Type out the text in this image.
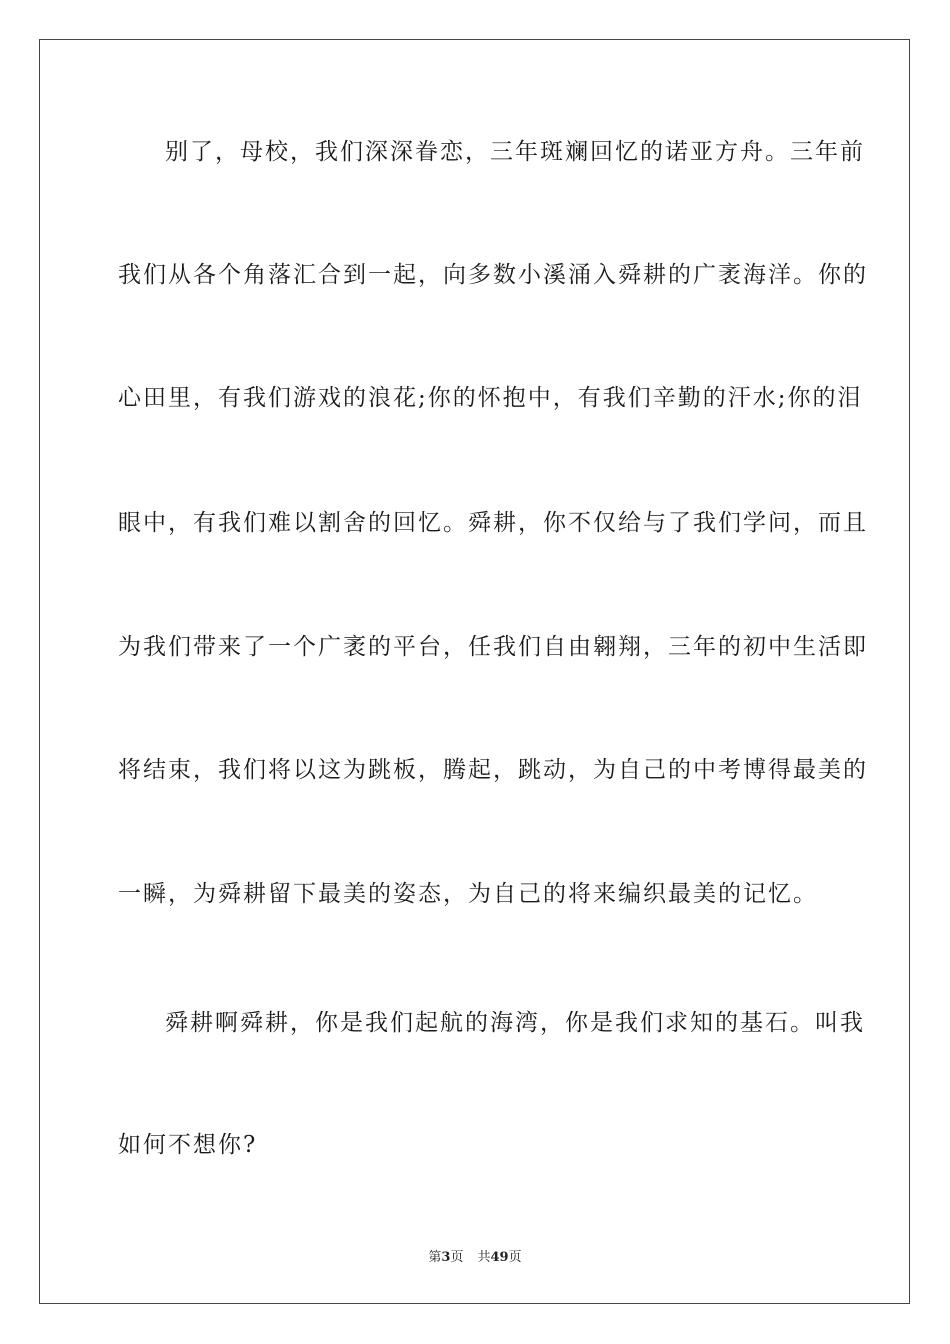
别了，母校，我们深深眷恋，三年斑斓回忆的诺亚方舟。三年前
我们从各个角落汇合到一起，向多数小溪涌入舜耕的广袤海洋。你的
心田里，有我们游戏的浪花;你的怀抱中，有我们辛勤的汗水;你的泪
眼中，有我们难以割舍的回忆。舜耕，你不仅给与了我们学问，而且
为我们带来了一个广袤的平台，任我们自由翱翔，三年的初中生活即
将结束，我们将以这为跳板，腾起，跳动，为自己的中考博得最美的
一瞬，为舜耕留下最美的姿态，为自己的将来编织最美的记忆。
舜耕啊舜耕，你是我们起航的海湾，你是我们求知的基石。叫我
如何不想你?
第3页 共49页
